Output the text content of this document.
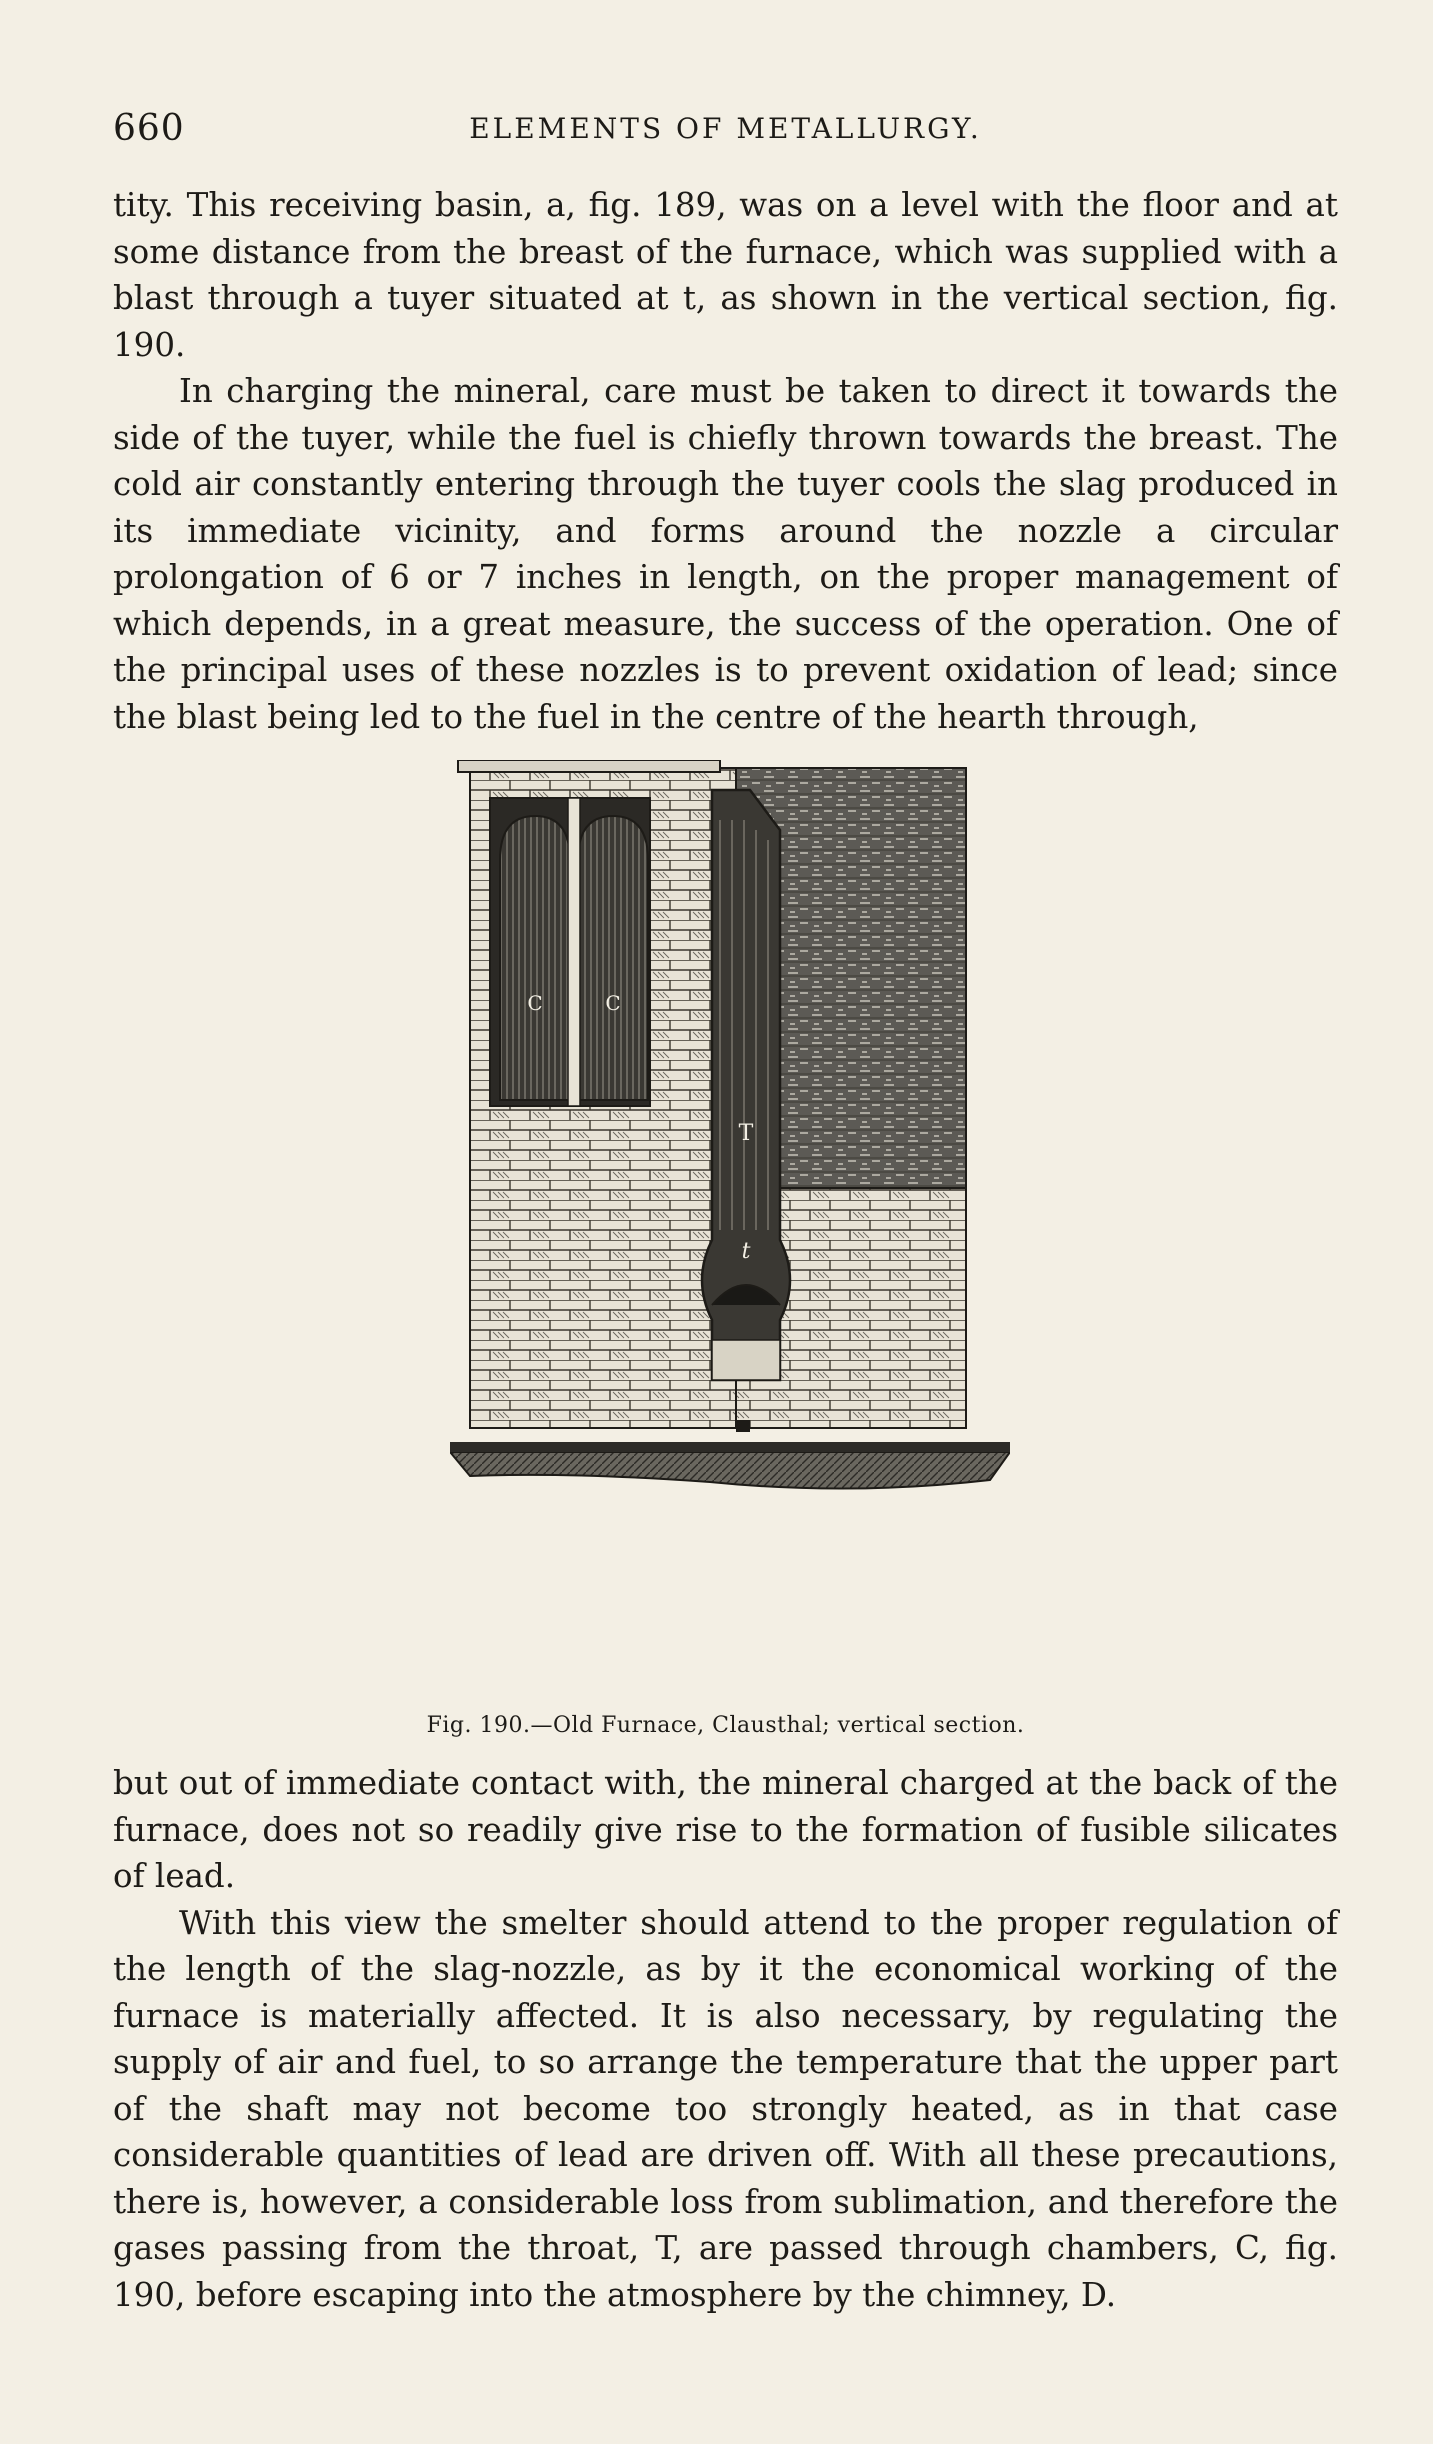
660	ELEMENTS OF METALLURGY.

tity. This receiving basin, a, fig. 189, was on a level with the floor and at some distance from the breast of the furnace, which was supplied with a blast through a tuyer situated at t, as shown in the vertical section, fig. 190.

In charging the mineral, care must be taken to direct it towards the side of the tuyer, while the fuel is chiefly thrown towards the breast. The cold air constantly entering through the tuyer cools the slag produced in its immediate vicinity, and forms around the nozzle a circular prolongation of 6 or 7 inches in length, on the proper management of which depends, in a great measure, the success of the operation. One of the principal uses of these nozzles is to prevent oxidation of lead; since the blast being led to the fuel in the centre of the hearth through,

C	C
T
t
Fig. 190.—Old Furnace, Clausthal; vertical section.

but out of immediate contact with, the mineral charged at the back of the furnace, does not so readily give rise to the formation of fusible silicates of lead.

With this view the smelter should attend to the proper regulation of the length of the slag-nozzle, as by it the economical working of the furnace is materially affected. It is also necessary, by regulating the supply of air and fuel, to so arrange the temperature that the upper part of the shaft may not become too strongly heated, as in that case considerable quantities of lead are driven off. With all these precautions, there is, however, a considerable loss from sublimation, and therefore the gases passing from the throat, T, are passed through chambers, C, fig. 190, before escaping into the atmosphere by the chimney, D.
